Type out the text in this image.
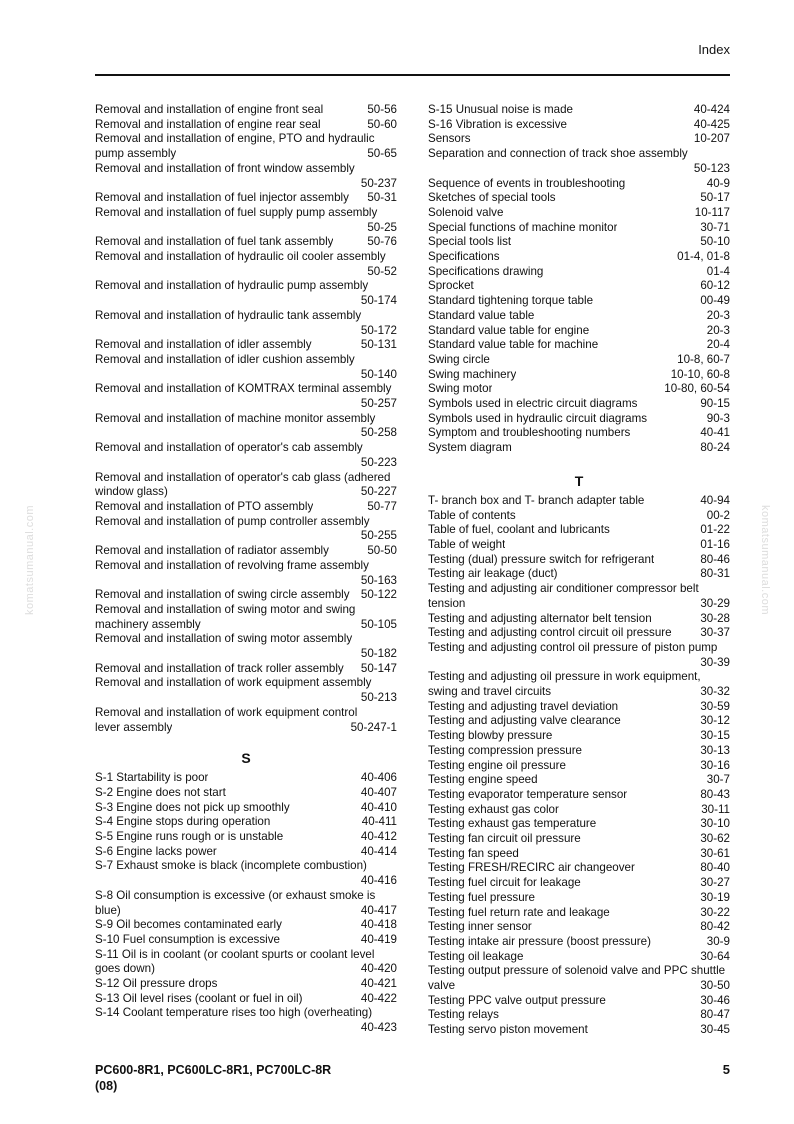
Index
komatsumanual.com	komatsumanual.com
Removal and installation of engine front seal	50-56
Removal and installation of engine rear seal	50-60
Removal and installation of engine, PTO and hydraulic
pump assembly	50-65
Removal and installation of front window assembly
50-237
Removal and installation of fuel injector assembly	50-31
Removal and installation of fuel supply pump assembly
50-25
Removal and installation of fuel tank assembly	50-76
Removal and installation of hydraulic oil cooler assembly
50-52
Removal and installation of hydraulic pump assembly
50-174
Removal and installation of hydraulic tank assembly
50-172
Removal and installation of idler assembly	50-131
Removal and installation of idler cushion assembly
50-140
Removal and installation of KOMTRAX terminal assembly
50-257
Removal and installation of machine monitor assembly
50-258
Removal and installation of operator's cab assembly
50-223
Removal and installation of operator's cab glass (adhered
window glass)	50-227
Removal and installation of PTO assembly	50-77
Removal and installation of pump controller assembly
50-255
Removal and installation of radiator assembly	50-50
Removal and installation of revolving frame assembly
50-163
Removal and installation of swing circle assembly 50-122
Removal and installation of swing motor and swing
machinery assembly	50-105
Removal and installation of swing motor assembly
50-182
Removal and installation of track roller assembly	50-147
Removal and installation of work equipment assembly
50-213
Removal and installation of work equipment control
lever assembly	50-247-1
S
S-1 Startability is poor	40-406
S-2 Engine does not start	40-407
S-3 Engine does not pick up smoothly	40-410
S-4 Engine stops during operation	40-411
S-5 Engine runs rough or is unstable	40-412
S-6 Engine lacks power	40-414
S-7 Exhaust smoke is black (incomplete combustion)
40-416
S-8 Oil consumption is excessive (or exhaust smoke is
blue)	40-417
S-9 Oil becomes contaminated early	40-418
S-10 Fuel consumption is excessive	40-419
S-11 Oil is in coolant (or coolant spurts or coolant level
goes down)	40-420
S-12 Oil pressure drops	40-421
S-13 Oil level rises (coolant or fuel in oil)	40-422
S-14 Coolant temperature rises too high (overheating)
40-423
S-15 Unusual noise is made	40-424
S-16 Vibration is excessive	40-425
Sensors	10-207
Separation and connection of track shoe assembly
50-123
Sequence of events in troubleshooting	40-9
Sketches of special tools	50-17
Solenoid valve	10-117
Special functions of machine monitor	30-71
Special tools list	50-10
Specifications	01-4, 01-8
Specifications drawing	01-4
Sprocket	60-12
Standard tightening torque table	00-49
Standard value table	20-3
Standard value table for engine	20-3
Standard value table for machine	20-4
Swing circle	10-8, 60-7
Swing machinery	10-10, 60-8
Swing motor	10-80, 60-54
Symbols used in electric circuit diagrams	90-15
Symbols used in hydraulic circuit diagrams	90-3
Symptom and troubleshooting numbers	40-41
System diagram	80-24
T
T- branch box and T- branch adapter table	40-94
Table of contents	00-2
Table of fuel, coolant and lubricants	01-22
Table of weight	01-16
Testing (dual) pressure switch for refrigerant	80-46
Testing air leakage (duct)	80-31
Testing and adjusting air conditioner compressor belt
tension	30-29
Testing and adjusting alternator belt tension	30-28
Testing and adjusting control circuit oil pressure	30-37
Testing and adjusting control oil pressure of piston pump
30-39
Testing and adjusting oil pressure in work equipment,
swing and travel circuits	30-32
Testing and adjusting travel deviation	30-59
Testing and adjusting valve clearance	30-12
Testing blowby pressure	30-15
Testing compression pressure	30-13
Testing engine oil pressure	30-16
Testing engine speed	30-7
Testing evaporator temperature sensor	80-43
Testing exhaust gas color	30-11
Testing exhaust gas temperature	30-10
Testing fan circuit oil pressure	30-62
Testing fan speed	30-61
Testing FRESH/RECIRC air changeover	80-40
Testing fuel circuit for leakage	30-27
Testing fuel pressure	30-19
Testing fuel return rate and leakage	30-22
Testing inner sensor	80-42
Testing intake air pressure (boost pressure)	30-9
Testing oil leakage	30-64
Testing output pressure of solenoid valve and PPC shuttle
valve	30-50
Testing PPC valve output pressure	30-46
Testing relays	80-47
Testing servo piston movement	30-45
PC600-8R1, PC600LC-8R1, PC700LC-8R
(08)
5
